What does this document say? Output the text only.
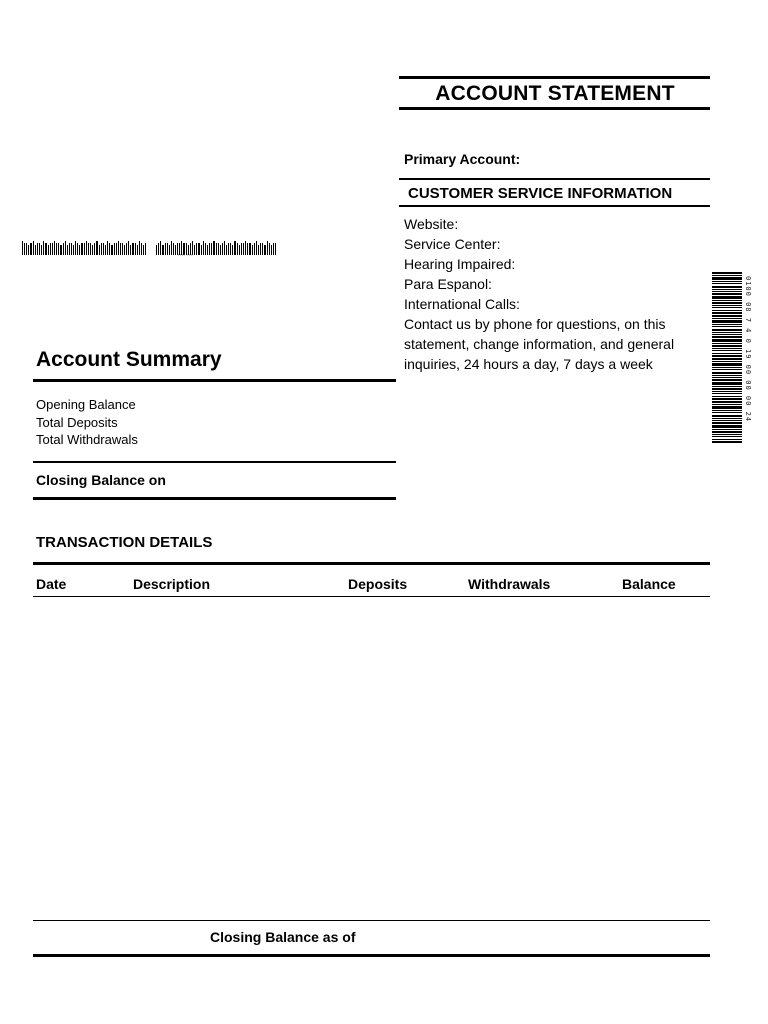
ACCOUNT STATEMENT
Primary Account:
CUSTOMER SERVICE INFORMATION
Website:
Service Center:
Hearing Impaired:
Para Espanol:
International Calls:
Contact us by phone for questions, on this statement, change information, and general inquiries, 24 hours a day, 7 days a week
▪▪▪▪ ▪▪▪
0100 08 7 4 0 19 00 00 00 24
Account Summary
Opening Balance
Total Deposits
Total Withdrawals
Closing Balance on
TRANSACTION DETAILS
Date	Description	Deposits	Withdrawals	Balance
Closing Balance as of
